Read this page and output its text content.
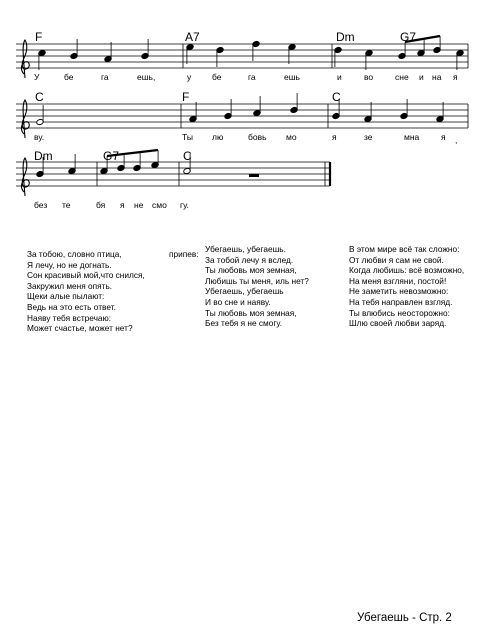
F	A7	Dm	G7
У	бе	га	ешь,	у бе	га	ешь	и	во	сне и на я
C	F	C
ву.	Ты лю	бовь мо	я	зе	мна	я ,
Dm	G7	C
без те	бя я не смо гу.
За тобою, словно птица,
Я лечу, но не догнать.
Сон красивый мой,что снился,
Закружил меня опять.
Щеки алые пылают:
Ведь на это есть ответ.
Наяву тебя встречаю:
Может счастье, может нет?
припев: Убегаешь, убегаешь.
За тобой лечу я вслед.
Ты любовь моя земная,
Любишь ты меня, иль нет?
Убегаешь, убегаешь
И во сне и наяву.
Ты любовь моя земная,
Без тебя я не смогу.
В этом мире всё так сложно:
От любви я сам не свой.
Когда любишь: всё возможно,
На меня взгляни, постой!
Не заметить невозможно:
На тебя направлен взгляд.
Ты влюбись неосторожно:
Шлю своей любви заряд.
Убегаешь - Стр. 2
